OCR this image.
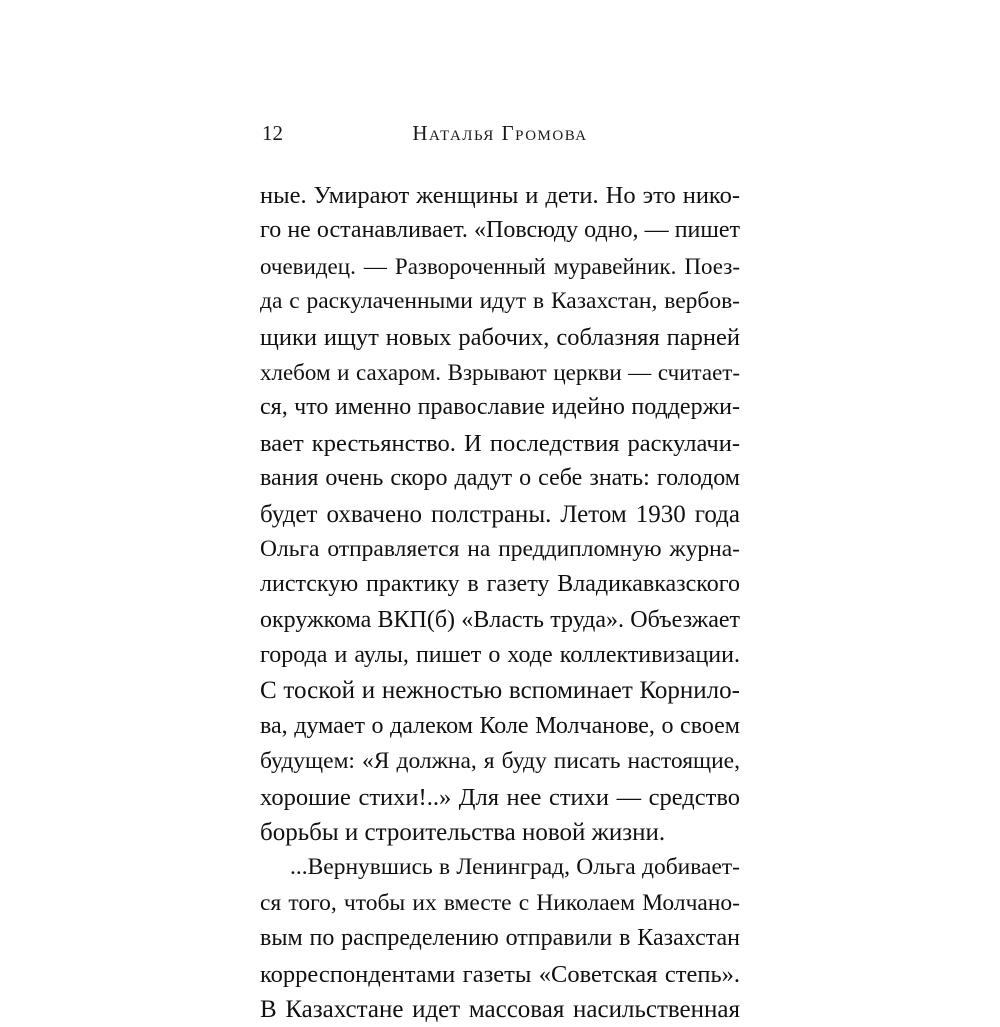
12	Наталья Громова
ные. Умирают женщины и дети. Но это нико-
го не останавливает. «Повсюду одно, — пишет
очевидец. — Развороченный муравейник. Поез-
да с раскулаченными идут в Казахстан, вербов-
щики ищут новых рабочих, соблазняя парней
хлебом и сахаром. Взрывают церкви — считает-
ся, что именно православие идейно поддержи-
вает крестьянство. И последствия раскулачи-
вания очень скоро дадут о себе знать: голодом
будет охвачено полстраны. Летом 1930 года
Ольга отправляется на преддипломную журна-
листскую практику в газету Владикавказского
окружкома ВКП(б) «Власть труда». Объезжает
города и аулы, пишет о ходе коллективизации.
С тоской и нежностью вспоминает Корнило-
ва, думает о далеком Коле Молчанове, о своем
будущем: «Я должна, я буду писать настоящие,
хорошие стихи!..» Для нее стихи — средство
борьбы и строительства новой жизни.
...Вернувшись в Ленинград, Ольга добивает-
ся того, чтобы их вместе с Николаем Молчано-
вым по распределению отправили в Казахстан
корреспондентами газеты «Советская степь».
В Казахстане идет массовая насильственная
